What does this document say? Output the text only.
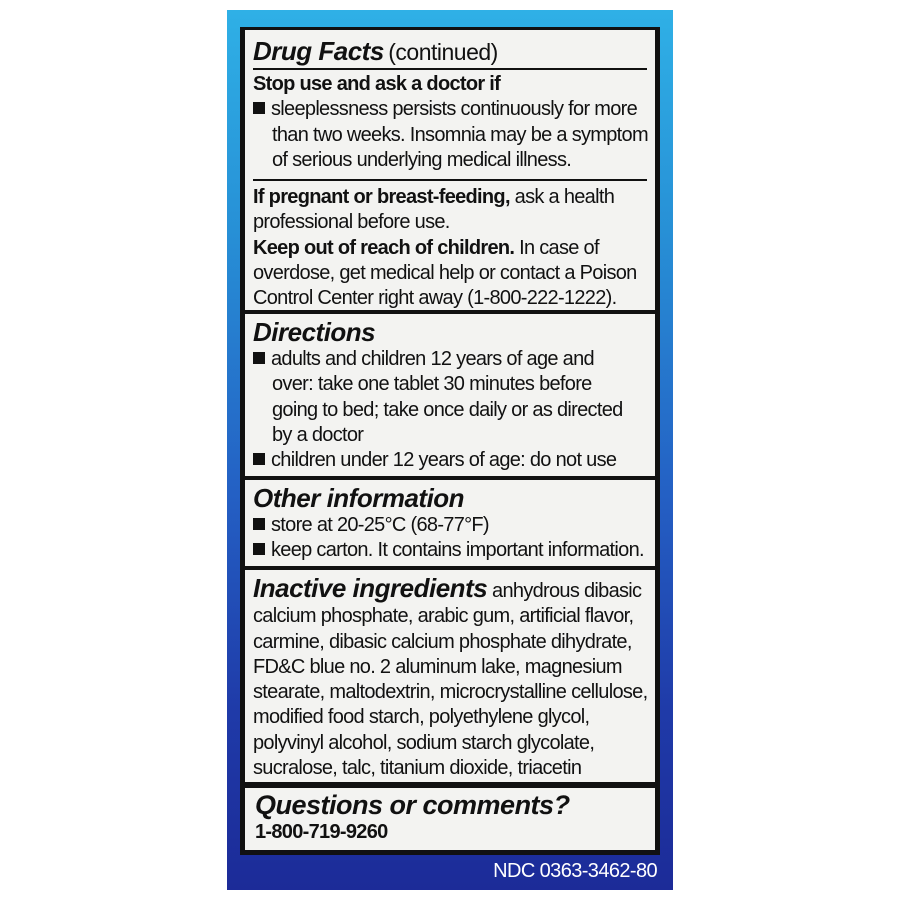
Drug Facts (continued)
Stop use and ask a doctor if
sleeplessness persists continuously for more
than two weeks. Insomnia may be a symptom
of serious underlying medical illness.
If pregnant or breast-feeding, ask a health
professional before use.
Keep out of reach of children. In case of
overdose, get medical help or contact a Poison
Control Center right away (1-800-222-1222).
Directions
adults and children 12 years of age and
over: take one tablet 30 minutes before
going to bed; take once daily or as directed
by a doctor
children under 12 years of age: do not use
Other information
store at 20-25°C (68-77°F)
keep carton. It contains important information.
Inactive ingredients anhydrous dibasic
calcium phosphate, arabic gum, artificial flavor,
carmine, dibasic calcium phosphate dihydrate,
FD&C blue no. 2 aluminum lake, magnesium
stearate, maltodextrin, microcrystalline cellulose,
modified food starch, polyethylene glycol,
polyvinyl alcohol, sodium starch glycolate,
sucralose, talc, titanium dioxide, triacetin
Questions or comments?
1-800-719-9260
NDC 0363-3462-80
